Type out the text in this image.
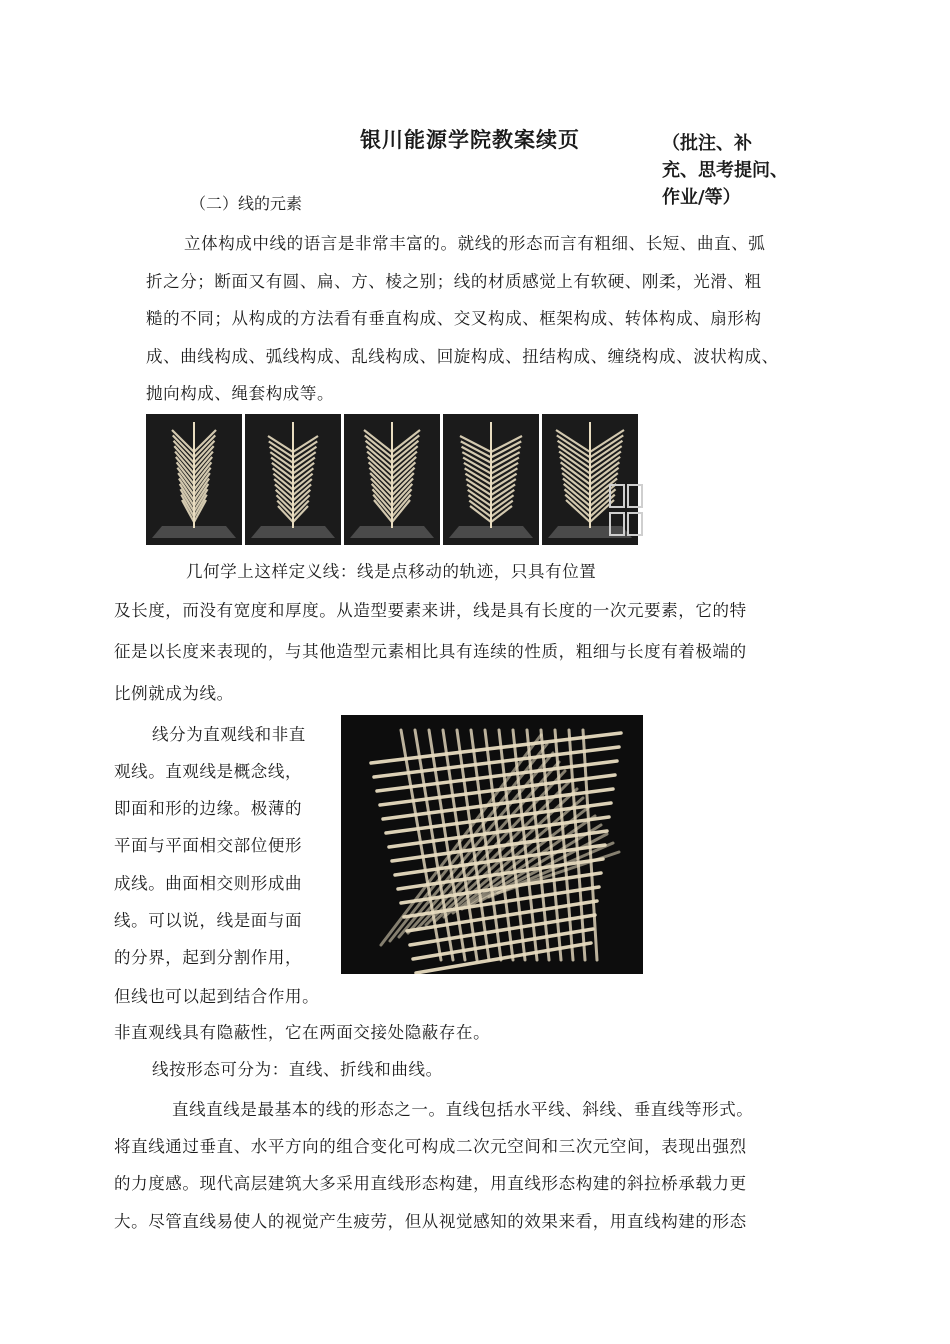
银川能源学院教案续页	（批注、补
充、思考提问、
作业/等）
（二）线的元素
立体构成中线的语言是非常丰富的。就线的形态而言有粗细、长短、曲直、弧
折之分；断面又有圆、扁、方、棱之别；线的材质感觉上有软硬、刚柔，光滑、粗
糙的不同；从构成的方法看有垂直构成、交叉构成、框架构成、转体构成、扇形构
成、曲线构成、弧线构成、乱线构成、回旋构成、扭结构成、缠绕构成、波状构成、
抛向构成、绳套构成等。
几何学上这样定义线：线是点移动的轨迹，只具有位置
及长度，而没有宽度和厚度。从造型要素来讲，线是具有长度的一次元要素，它的特
征是以长度来表现的，与其他造型元素相比具有连续的性质，粗细与长度有着极端的
比例就成为线。
线分为直观线和非直
观线。直观线是概念线，
即面和形的边缘。极薄的
平面与平面相交部位便形
成线。曲面相交则形成曲
线。可以说，线是面与面
的分界，起到分割作用，
但线也可以起到结合作用。
非直观线具有隐蔽性，它在两面交接处隐蔽存在。
线按形态可分为：直线、折线和曲线。
直线直线是最基本的线的形态之一。直线包括水平线、斜线、垂直线等形式。
将直线通过垂直、水平方向的组合变化可构成二次元空间和三次元空间，表现出强烈
的力度感。现代高层建筑大多采用直线形态构建，用直线形态构建的斜拉桥承载力更
大。尽管直线易使人的视觉产生疲劳，但从视觉感知的效果来看，用直线构建的形态
